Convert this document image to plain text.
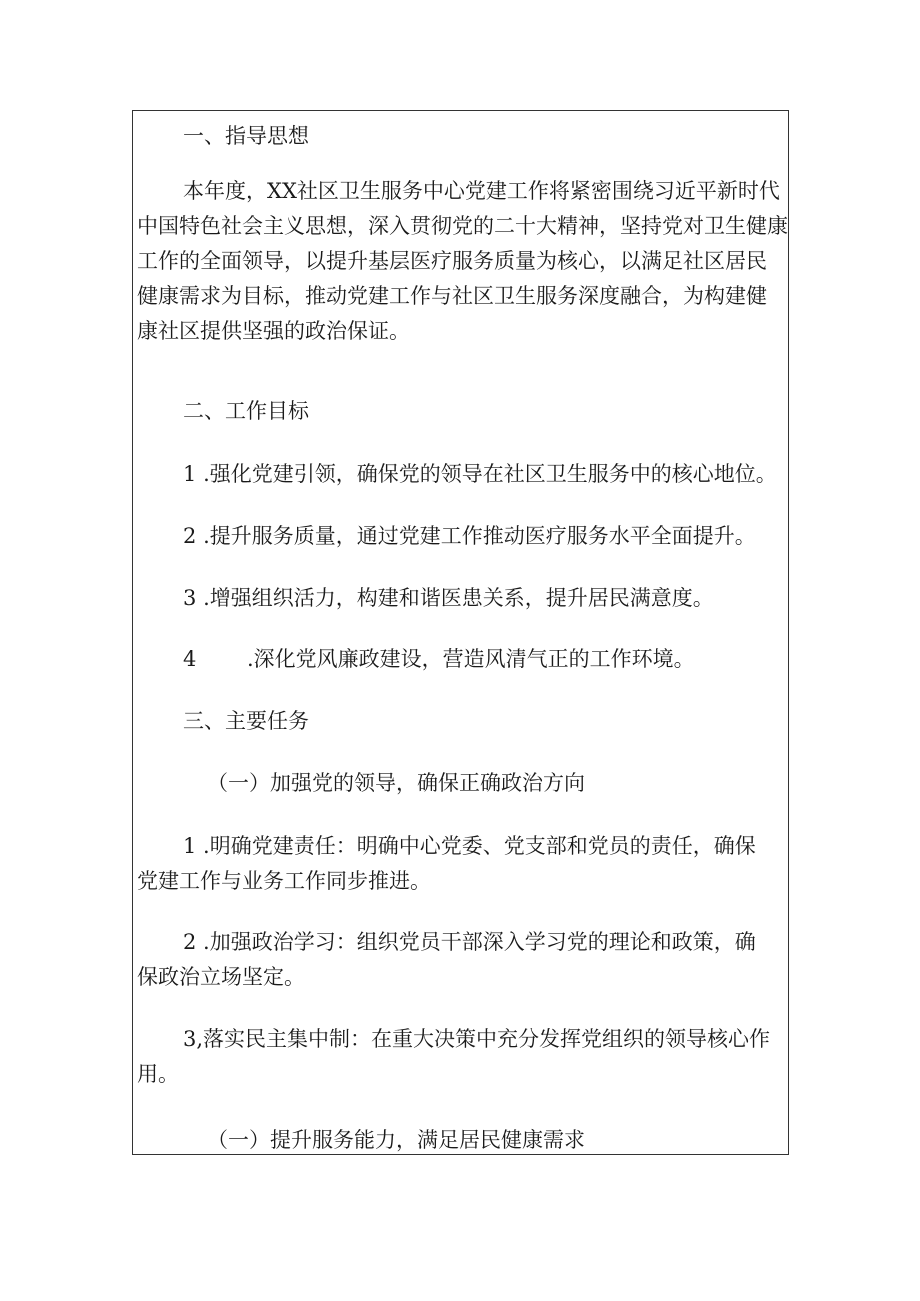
一、指导思想

本年度，XX社区卫生服务中心党建工作将紧密围绕习近平新时代

中国特色社会主义思想，深入贯彻党的二十大精神，坚持党对卫生健康

工作的全面领导，以提升基层医疗服务质量为核心，以满足社区居民

健康需求为目标，推动党建工作与社区卫生服务深度融合，为构建健

康社区提供坚强的政治保证。

二、工作目标

1 .强化党建引领，确保党的领导在社区卫生服务中的核心地位。

2 .提升服务质量，通过党建工作推动医疗服务水平全面提升。

3 .增强组织活力，构建和谐医患关系，提升居民满意度。

4 .深化党风廉政建设，营造风清气正的工作环境。

三、主要任务

（一）加强党的领导，确保正确政治方向

1 .明确党建责任：明确中心党委、党支部和党员的责任，确保

党建工作与业务工作同步推进。

2 .加强政治学习：组织党员干部深入学习党的理论和政策，确

保政治立场坚定。

3,落实民主集中制：在重大决策中充分发挥党组织的领导核心作

用。

（一）提升服务能力，满足居民健康需求
